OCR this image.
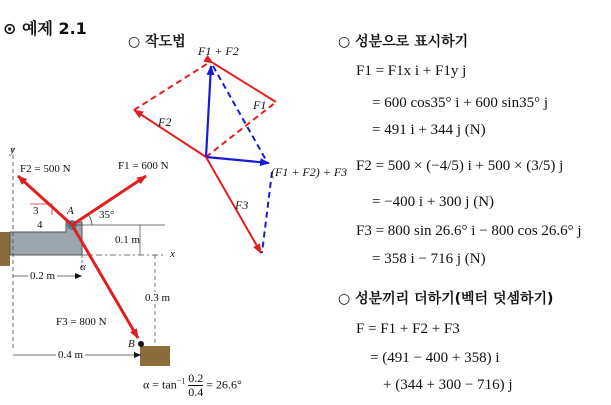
⊙ 예제 2.1
○ 작도법	○ 성분으로 표시하기
○ 성분끼리 더하기(벡터 덧셈하기)
y
F2 = 500 N	F1 = 600 N
3
4
A 35°
0.1 m
x
α
0.2 m
0.3 m
F3 = 800 N
B
0.4 m
$\alpha = \tan^{-1} \frac{0.2}{0.4} = 26.6^\circ$
F1 + F2
F1
F2
(F1 + F2) + F3
F3
F1 = F1x i + F1y j
= 600 cos35° i + 600 sin35° j
= 491 i + 344 j (N)
F2 = 500 × (−4/5) i + 500 × (3/5) j
= −400 i + 300 j (N)
F3 = 800 sin 26.6° i − 800 cos 26.6° j
= 358 i − 716 j (N)
F = F1 + F2 + F3
= (491 − 400 + 358) i
+ (344 + 300 − 716) j
